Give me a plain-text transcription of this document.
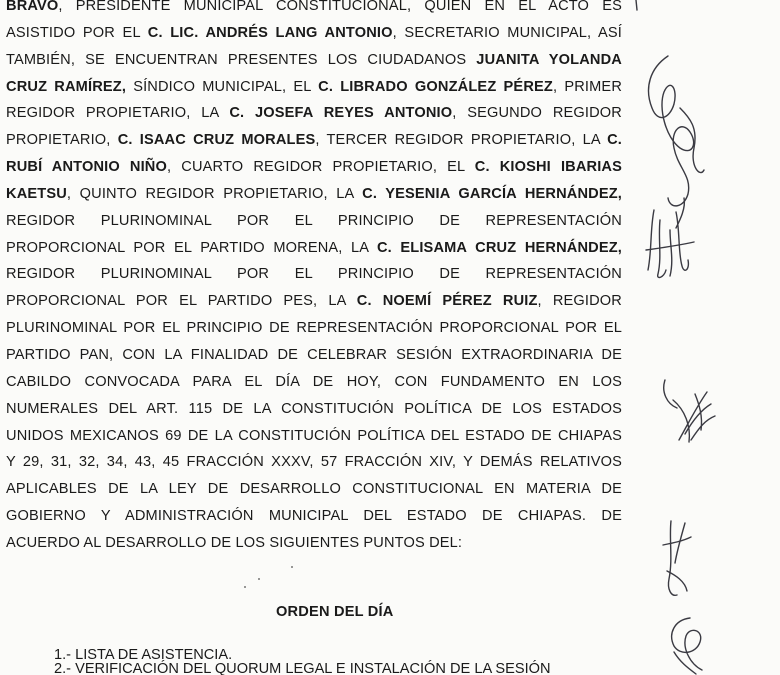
BRAVO, PRESIDENTE MUNICIPAL CONSTITUCIONAL, QUIEN EN EL ACTO ES
ASISTIDO POR EL C. LIC. ANDRÉS LANG ANTONIO, SECRETARIO MUNICIPAL, ASÍ
TAMBIÉN, SE ENCUENTRAN PRESENTES LOS CIUDADANOS JUANITA YOLANDA
CRUZ RAMÍREZ, SÍNDICO MUNICIPAL, EL C. LIBRADO GONZÁLEZ PÉREZ, PRIMER
REGIDOR PROPIETARIO, LA C. JOSEFA REYES ANTONIO, SEGUNDO REGIDOR
PROPIETARIO, C. ISAAC CRUZ MORALES, TERCER REGIDOR PROPIETARIO, LA C.
RUBÍ ANTONIO NIÑO, CUARTO REGIDOR PROPIETARIO, EL C. KIOSHI IBARIAS
KAETSU, QUINTO REGIDOR PROPIETARIO, LA C. YESENIA GARCÍA HERNÁNDEZ,
REGIDOR PLURINOMINAL POR EL PRINCIPIO DE REPRESENTACIÓN
PROPORCIONAL POR EL PARTIDO MORENA, LA C. ELISAMA CRUZ HERNÁNDEZ,
REGIDOR PLURINOMINAL POR EL PRINCIPIO DE REPRESENTACIÓN
PROPORCIONAL POR EL PARTIDO PES, LA C. NOEMÍ PÉREZ RUIZ, REGIDOR
PLURINOMINAL POR EL PRINCIPIO DE REPRESENTACIÓN PROPORCIONAL POR EL
PARTIDO PAN, CON LA FINALIDAD DE CELEBRAR SESIÓN EXTRAORDINARIA DE
CABILDO CONVOCADA PARA EL DÍA DE HOY, CON FUNDAMENTO EN LOS
NUMERALES DEL ART. 115 DE LA CONSTITUCIÓN POLÍTICA DE LOS ESTADOS
UNIDOS MEXICANOS 69 DE LA CONSTITUCIÓN POLÍTICA DEL ESTADO DE CHIAPAS
Y 29, 31, 32, 34, 43, 45 FRACCIÓN XXXV, 57 FRACCIÓN XIV, Y DEMÁS RELATIVOS
APLICABLES DE LA LEY DE DESARROLLO CONSTITUCIONAL EN MATERIA DE
GOBIERNO Y ADMINISTRACIÓN MUNICIPAL DEL ESTADO DE CHIAPAS. DE
ACUERDO AL DESARROLLO DE LOS SIGUIENTES PUNTOS DEL:
ORDEN DEL DÍA
1.- LISTA DE ASISTENCIA.
2.- VERIFICACIÓN DEL QUORUM LEGAL E INSTALACIÓN DE LA SESIÓN
